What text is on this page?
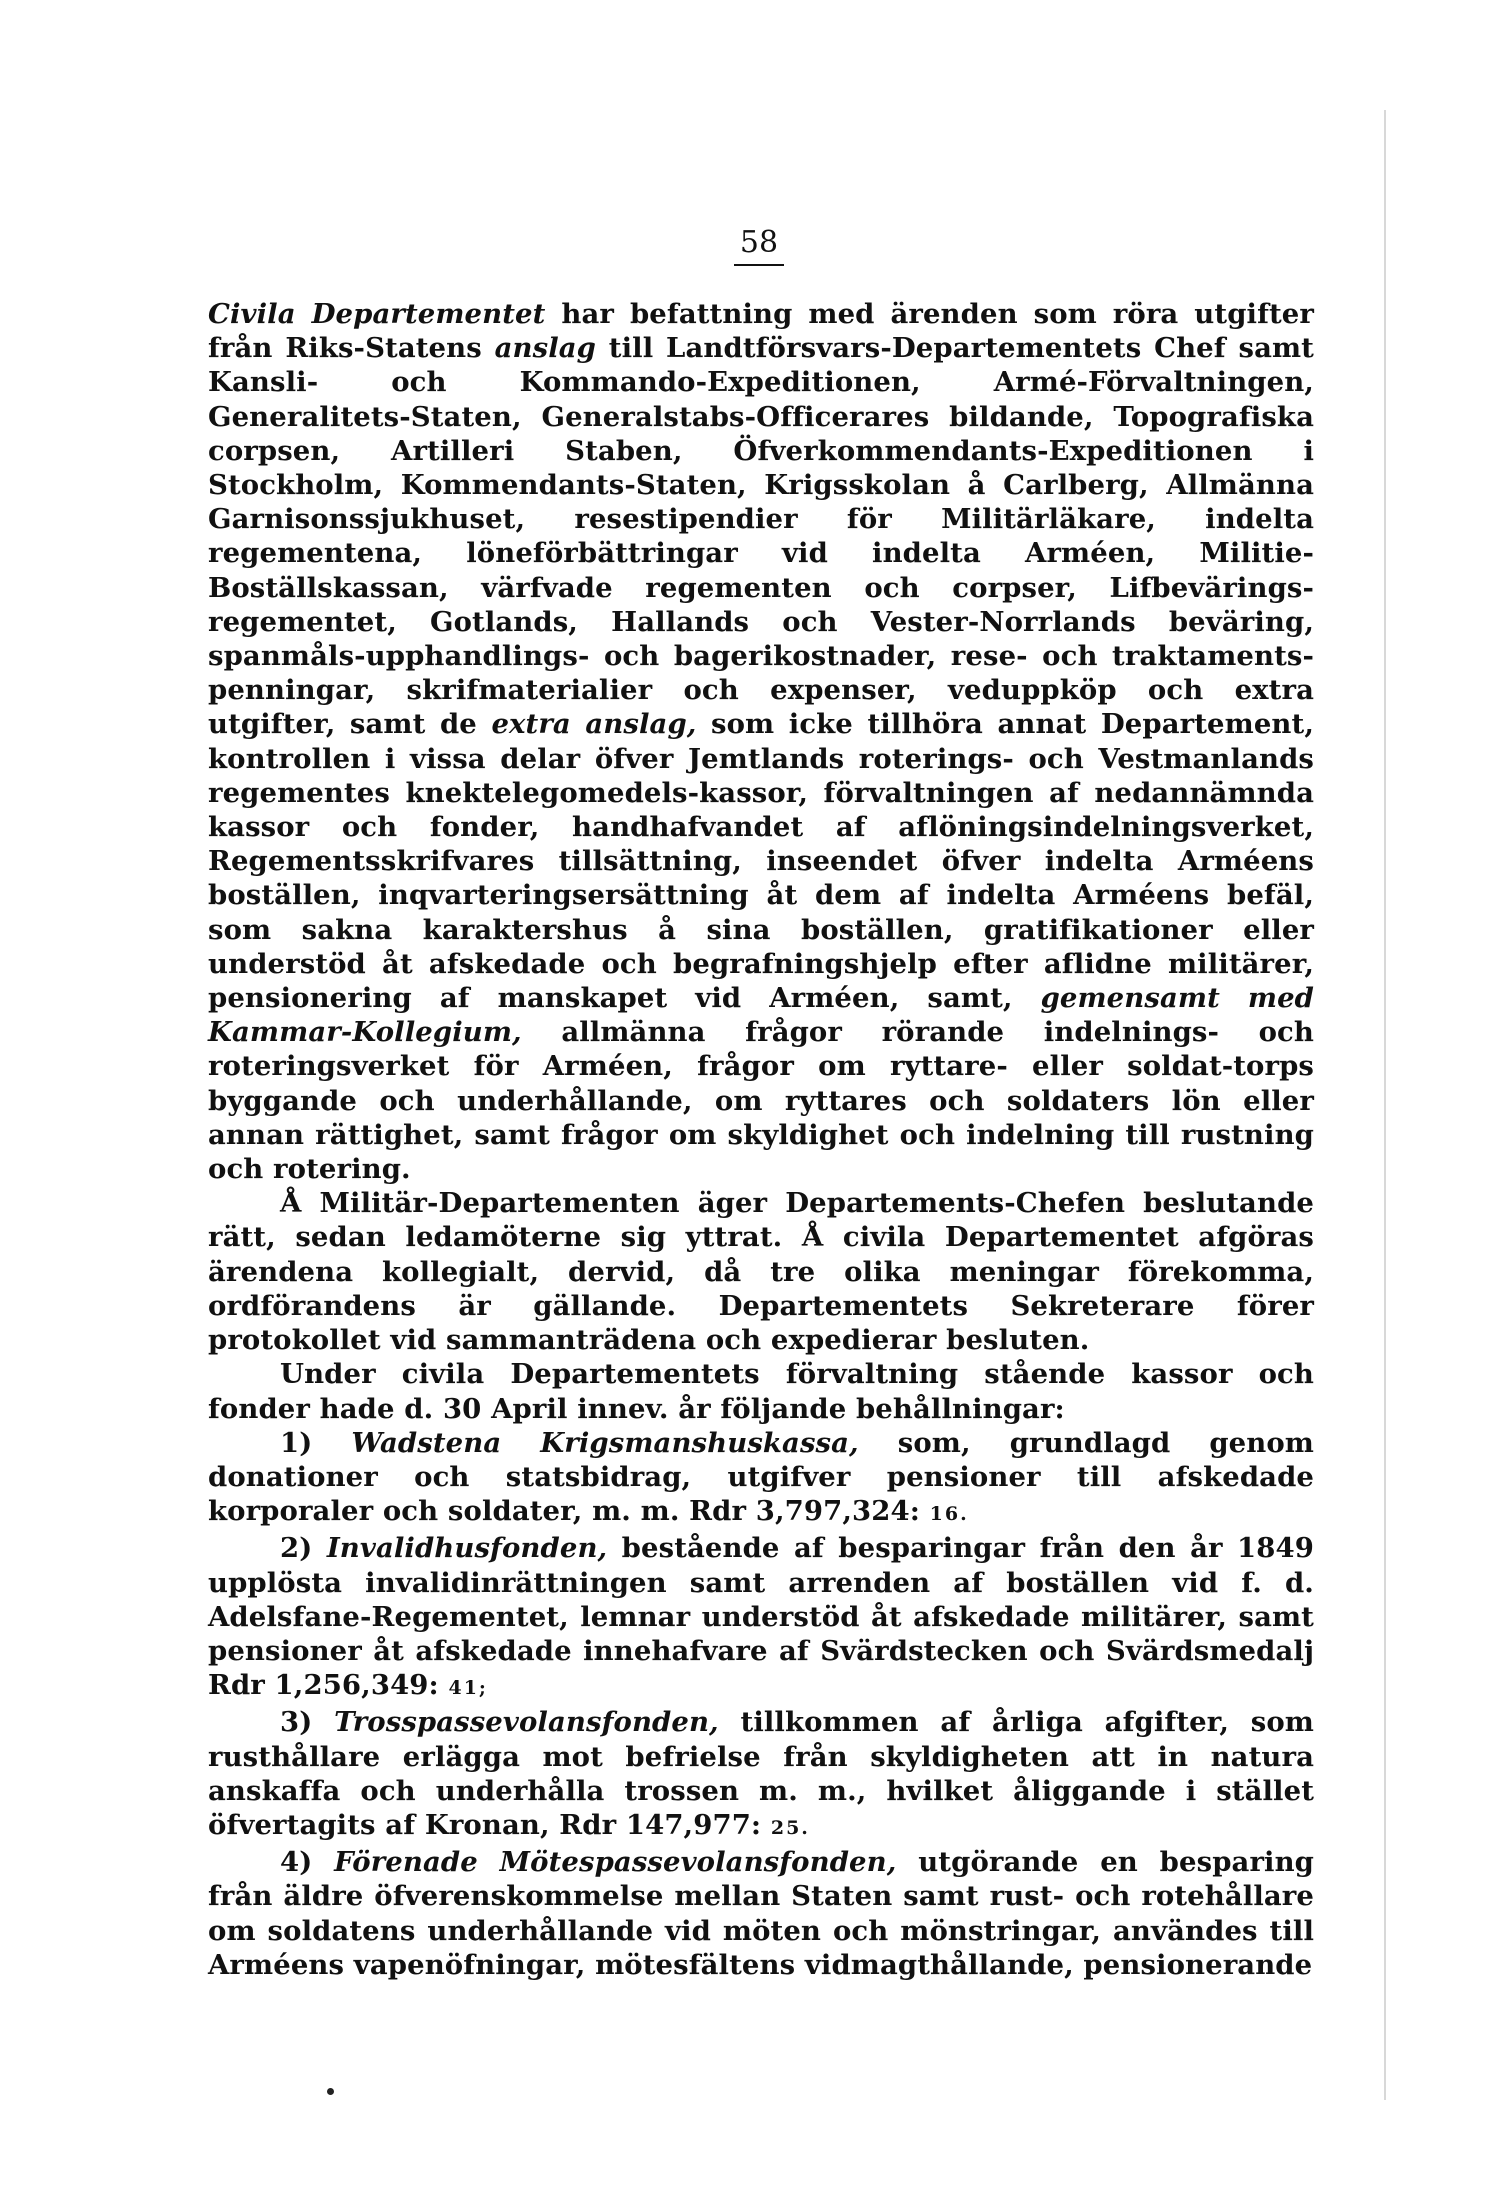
58

Civila Departementet har befattning med ärenden som röra utgifter från Riks-Statens anslag till Landtförsvars-Departementets Chef samt Kansli- och Kommando-Expeditionen, Armé-Förvaltningen, Generalitets-Staten, Generalstabs-Officerares bildande, Topografiska corpsen, Artilleri Staben, Öfverkommendants-Expeditionen i Stockholm, Kommendants-Staten, Krigsskolan å Carlberg, Allmänna Garnisonssjukhuset, resestipendier för Militärläkare, indelta regementena, löneförbättringar vid indelta Arméen, Militie-Boställskassan, värfvade regementen och corpser, Lifbevärings-regementet, Gotlands, Hallands och Vester-Norrlands beväring, spanmåls-upphandlings- och bagerikostnader, rese- och traktaments-penningar, skrifmaterialier och expenser, veduppköp och extra utgifter, samt de extra anslag, som icke tillhöra annat Departement, kontrollen i vissa delar öfver Jemtlands roterings- och Vestmanlands regementes knektelegomedels-kassor, förvaltningen af nedannämnda kassor och fonder, handhafvandet af aflöningsindelningsverket, Regementsskrifvares tillsättning, inseendet öfver indelta Arméens boställen, inqvarteringsersättning åt dem af indelta Arméens befäl, som sakna karaktershus å sina boställen, gratifikationer eller understöd åt afskedade och begrafningshjelp efter aflidne militärer, pensionering af manskapet vid Arméen, samt, gemensamt med Kammar-Kollegium, allmänna frågor rörande indelnings- och roteringsverket för Arméen, frågor om ryttare- eller soldat-torps byggande och underhållande, om ryttares och soldaters lön eller annan rättighet, samt frågor om skyldighet och indelning till rustning och rotering.

Å Militär-Departementen äger Departements-Chefen beslutande rätt, sedan ledamöterne sig yttrat. Å civila Departementet afgöras ärendena kollegialt, dervid, då tre olika meningar förekomma, ordförandens är gällande. Departementets Sekreterare förer protokollet vid sammanträdena och expedierar besluten.

Under civila Departementets förvaltning stående kassor och fonder hade d. 30 April innev. år följande behållningar:

1) Wadstena Krigsmanshuskassa, som, grundlagd genom donationer och statsbidrag, utgifver pensioner till afskedade korporaler och soldater, m. m. Rdr 3,797,324: 16.

2) Invalidhusfonden, bestående af besparingar från den år 1849 upplösta invalidinrättningen samt arrenden af boställen vid f. d. Adelsfane-Regementet, lemnar understöd åt afskedade militärer, samt pensioner åt afskedade innehafvare af Svärdstecken och Svärdsmedalj Rdr 1,256,349: 41;

3) Trosspassevolansfonden, tillkommen af årliga afgifter, som rusthållare erlägga mot befrielse från skyldigheten att in natura anskaffa och underhålla trossen m. m., hvilket åliggande i stället öfvertagits af Kronan, Rdr 147,977: 25.

4) Förenade Mötespassevolansfonden, utgörande en besparing från äldre öfverenskommelse mellan Staten samt rust- och rotehållare om soldatens underhållande vid möten och mönstringar, användes till Arméens vapenöfningar, mötesfältens vidmagthållande, pensionerande
